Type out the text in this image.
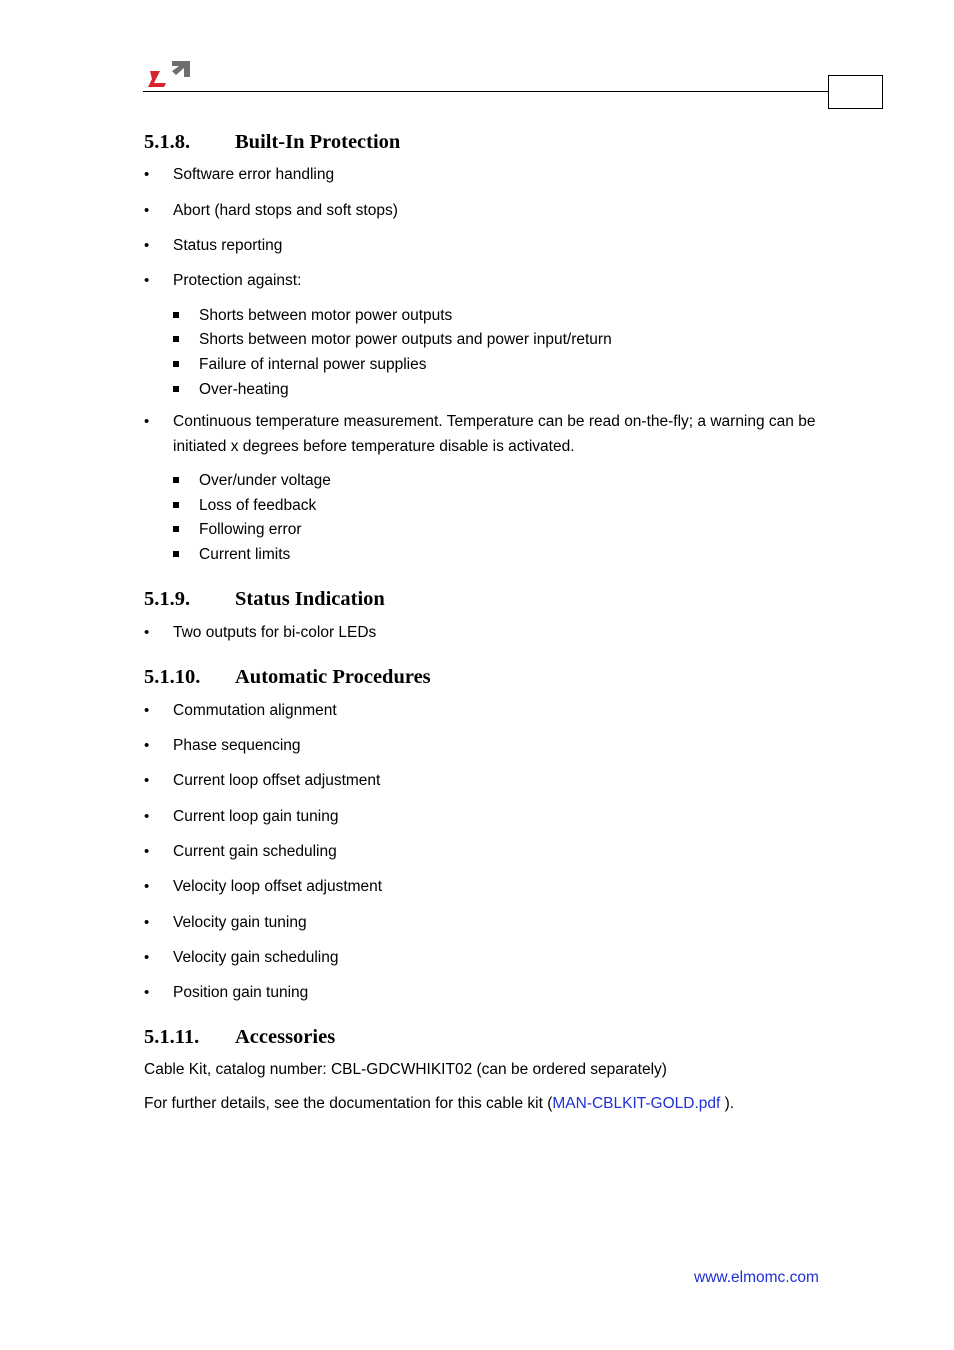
5.1.8. Built-In Protection
Software error handling
Abort (hard stops and soft stops)
Status reporting
Protection against:
Shorts between motor power outputs
Shorts between motor power outputs and power input/return
Failure of internal power supplies
Over-heating
Continuous temperature measurement. Temperature can be read on-the-fly; a warning can be initiated x degrees before temperature disable is activated.
Over/under voltage
Loss of feedback
Following error
Current limits
5.1.9. Status Indication
Two outputs for bi-color LEDs
5.1.10. Automatic Procedures
Commutation alignment
Phase sequencing
Current loop offset adjustment
Current loop gain tuning
Current gain scheduling
Velocity loop offset adjustment
Velocity gain tuning
Velocity gain scheduling
Position gain tuning
5.1.11. Accessories
Cable Kit, catalog number: CBL-GDCWHIKIT02 (can be ordered separately)
For further details, see the documentation for this cable kit (MAN-CBLKIT-GOLD.pdf ).
www.elmomc.com
